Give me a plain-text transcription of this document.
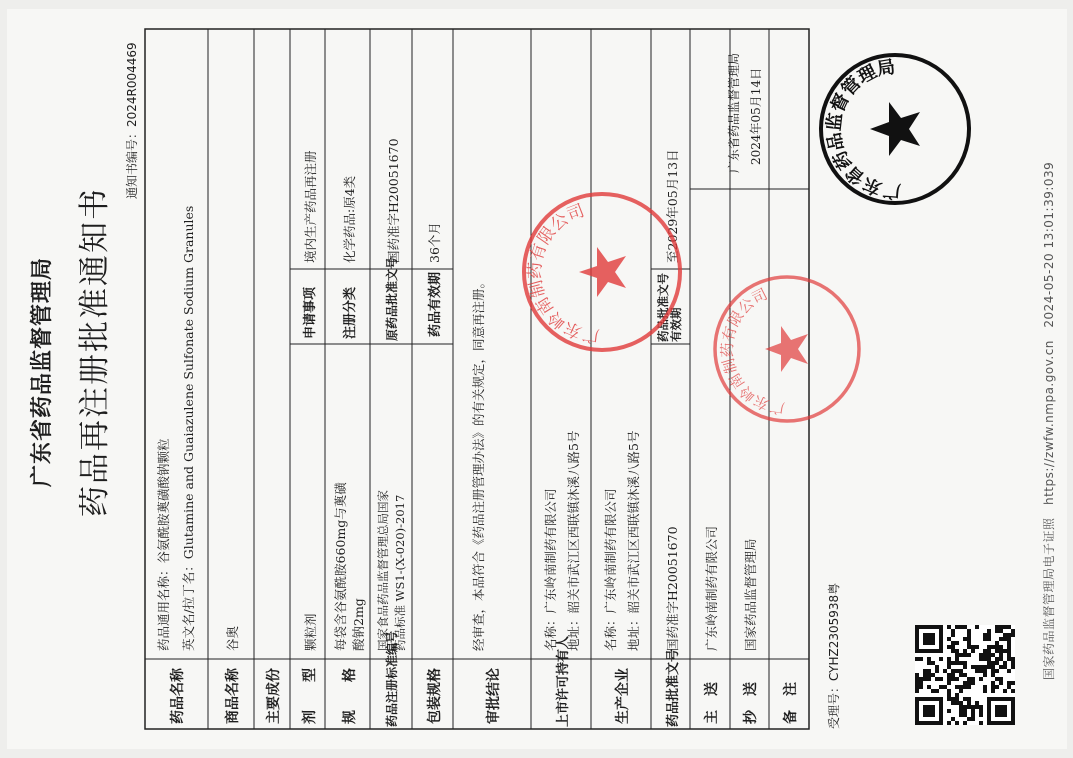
广东省药品监督管理局 药品再注册批准通知书
通知书编号：2024R004469
受理号：CYHZ2305938粤
药品名称
药品通用名称：谷氨酰胺薁磺酸钠颗粒 英文名/拉丁名：Glutamine and Guaiazulene Sulfonate Sodium Granules
商品名称
谷奥
主要成份 剂　　型
颗粒剂
申请事项
境内生产药品再注册
规　　格
每袋含谷氨酰胺660mg与薁磺 酸钠2mg
注册分类
化学药品:原4类
药品注册标准编号
国家食品药品监督管理总局国家 药品标准 WS1-(X-020)-2017
原药品批准文号
国药准字H20051670
包装规格
药品有效期
36个月
审批结论
经审查，本品符合《药品注册管理办法》的有关规定，同意再注册。
上市许可持有人
名称：广东岭南制药有限公司 地址：韶关市武江区西联镇沐溪八路5号
生产企业
名称：广东岭南制药有限公司 地址：韶关市武江区西联镇沐溪八路5号
药品批准文号
国药准字H20051670
药品批准文号有效期
至2029年05月13日
主　送
广东岭南制药有限公司
抄　送
国家药品监督管理局
备　注
广东省药品监督管理局 2024年05月14日
广东岭南制药有限公司
广东岭南制药有限公司
广东省药品监督管理局
国家药品监督管理局电子证照　https://zwfw.nmpa.gov.cn　2024-05-20 13:01:39:039
